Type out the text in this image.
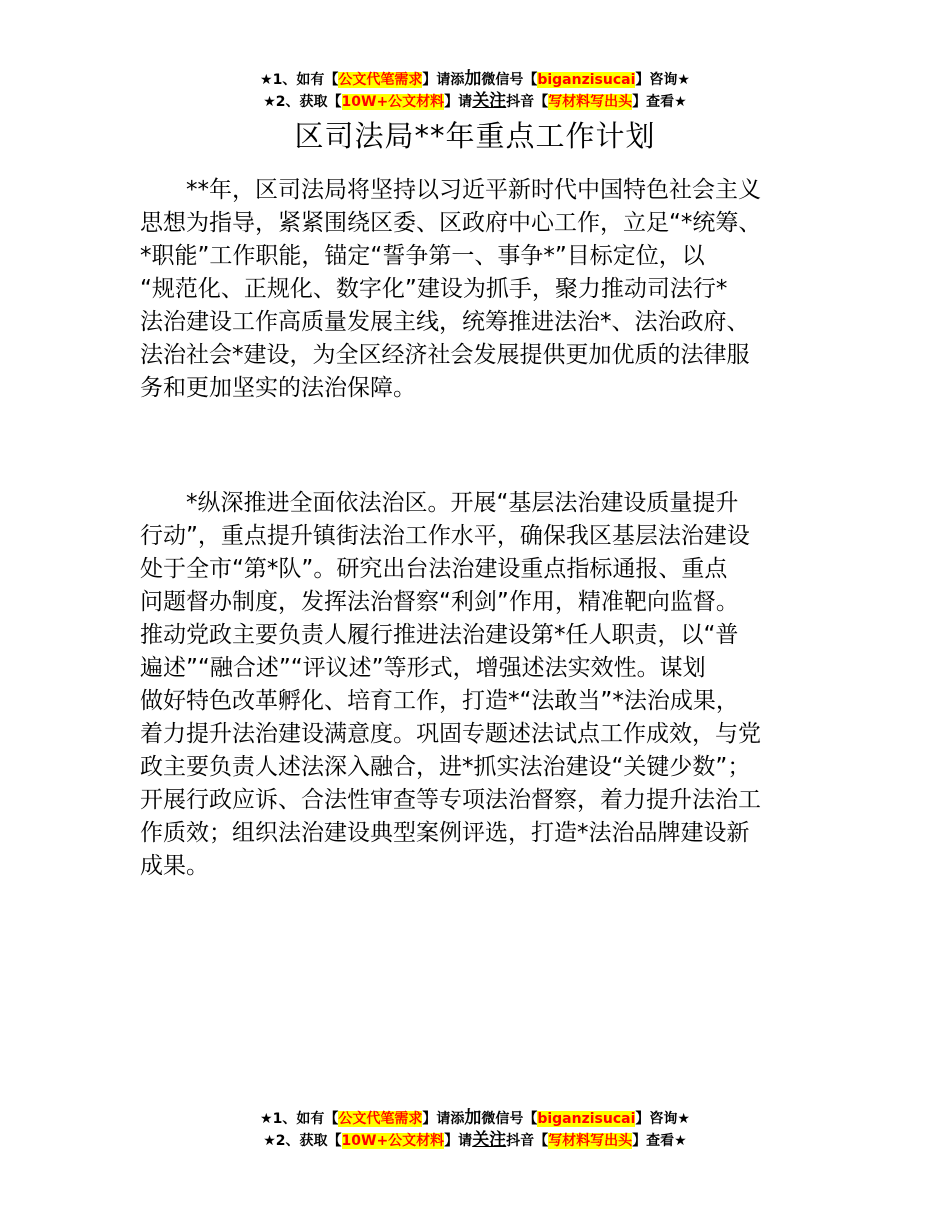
★1、如有【公文代笔需求】请添加微信号【biganzisucai】咨询★
★2、获取【10W+公文材料】请关注抖音【写材料写出头】查看★
区司法局**年重点工作计划
**年，区司法局将坚持以习近平新时代中国特色社会主义
思想为指导，紧紧围绕区委、区政府中心工作，立足“*统筹、
*职能”工作职能，锚定“誓争第一、事争*”目标定位，以
“规范化、正规化、数字化”建设为抓手，聚力推动司法行*
法治建设工作高质量发展主线，统筹推进法治*、法治政府、
法治社会*建设，为全区经济社会发展提供更加优质的法律服
务和更加坚实的法治保障。
*纵深推进全面依法治区。开展“基层法治建设质量提升
行动”，重点提升镇街法治工作水平，确保我区基层法治建设
处于全市“第*队”。研究出台法治建设重点指标通报、重点
问题督办制度，发挥法治督察“利剑”作用，精准靶向监督。
推动党政主要负责人履行推进法治建设第*任人职责，以“普
遍述”“融合述”“评议述”等形式，增强述法实效性。谋划
做好特色改革孵化、培育工作，打造*“法敢当”*法治成果，
着力提升法治建设满意度。巩固专题述法试点工作成效，与党
政主要负责人述法深入融合，进*抓实法治建设“关键少数”；
开展行政应诉、合法性审查等专项法治督察，着力提升法治工
作质效；组织法治建设典型案例评选，打造*法治品牌建设新
成果。
★1、如有【公文代笔需求】请添加微信号【biganzisucai】咨询★
★2、获取【10W+公文材料】请关注抖音【写材料写出头】查看★
